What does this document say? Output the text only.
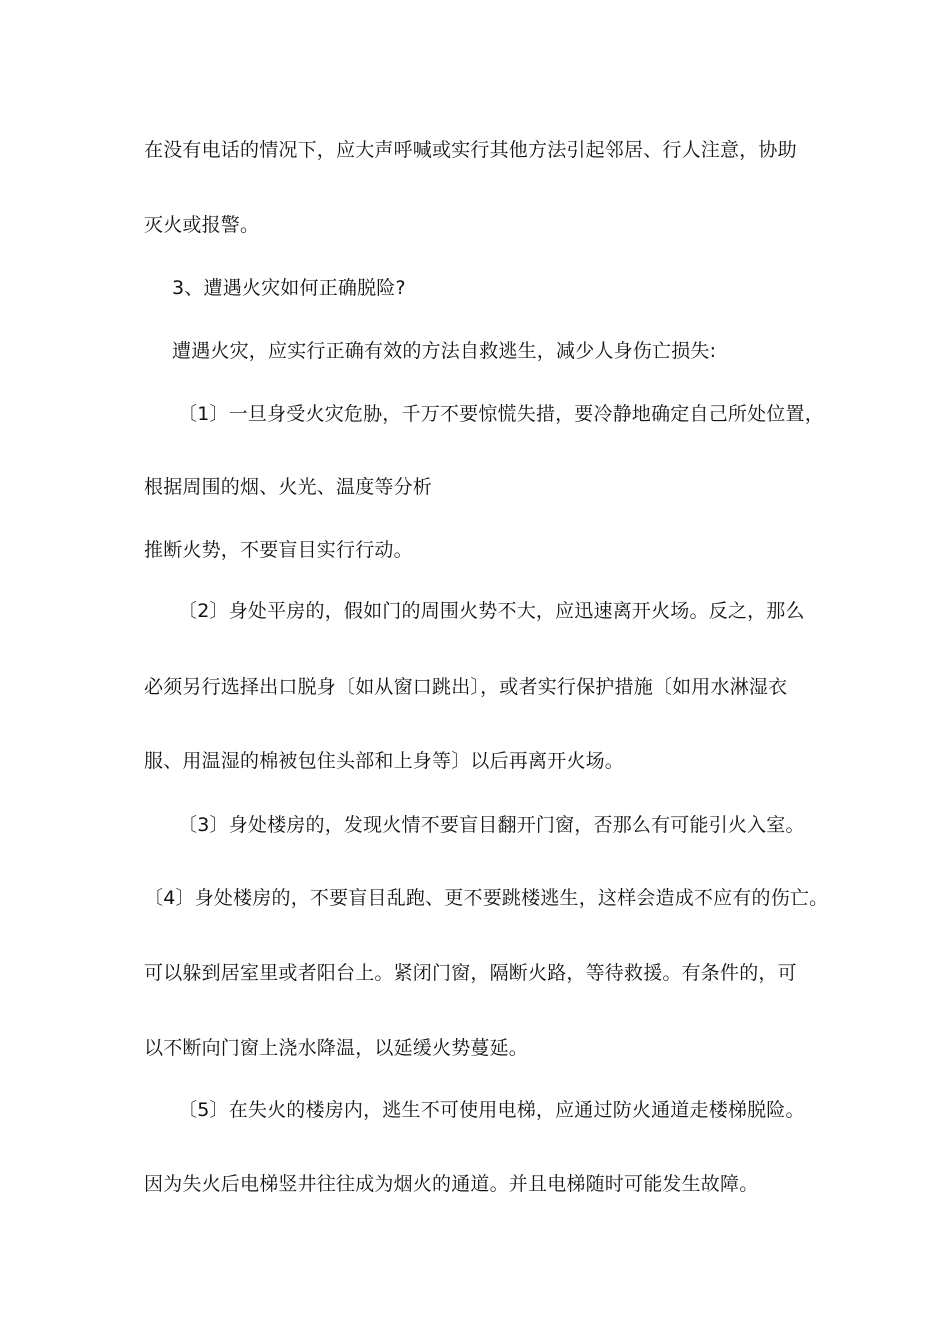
在没有电话的情况下，应大声呼喊或实行其他方法引起邻居、行人注意，协助
灭火或报警。
3、遭遇火灾如何正确脱险?
遭遇火灾，应实行正确有效的方法自救逃生，减少人身伤亡损失:
〔1〕一旦身受火灾危胁，千万不要惊慌失措，要冷静地确定自己所处位置，
根据周围的烟、火光、温度等分析
推断火势，不要盲目实行行动。
〔2〕身处平房的，假如门的周围火势不大，应迅速离开火场。反之，那么
必须另行选择出口脱身〔如从窗口跳出〕，或者实行保护措施〔如用水淋湿衣
服、用温湿的棉被包住头部和上身等〕以后再离开火场。
〔3〕身处楼房的，发现火情不要盲目翻开门窗，否那么有可能引火入室。
〔4〕身处楼房的，不要盲目乱跑、更不要跳楼逃生，这样会造成不应有的伤亡。
可以躲到居室里或者阳台上。紧闭门窗，隔断火路，等待救援。有条件的，可
以不断向门窗上浇水降温，以延缓火势蔓延。
〔5〕在失火的楼房内，逃生不可使用电梯，应通过防火通道走楼梯脱险。
因为失火后电梯竖井往往成为烟火的通道。并且电梯随时可能发生故障。
